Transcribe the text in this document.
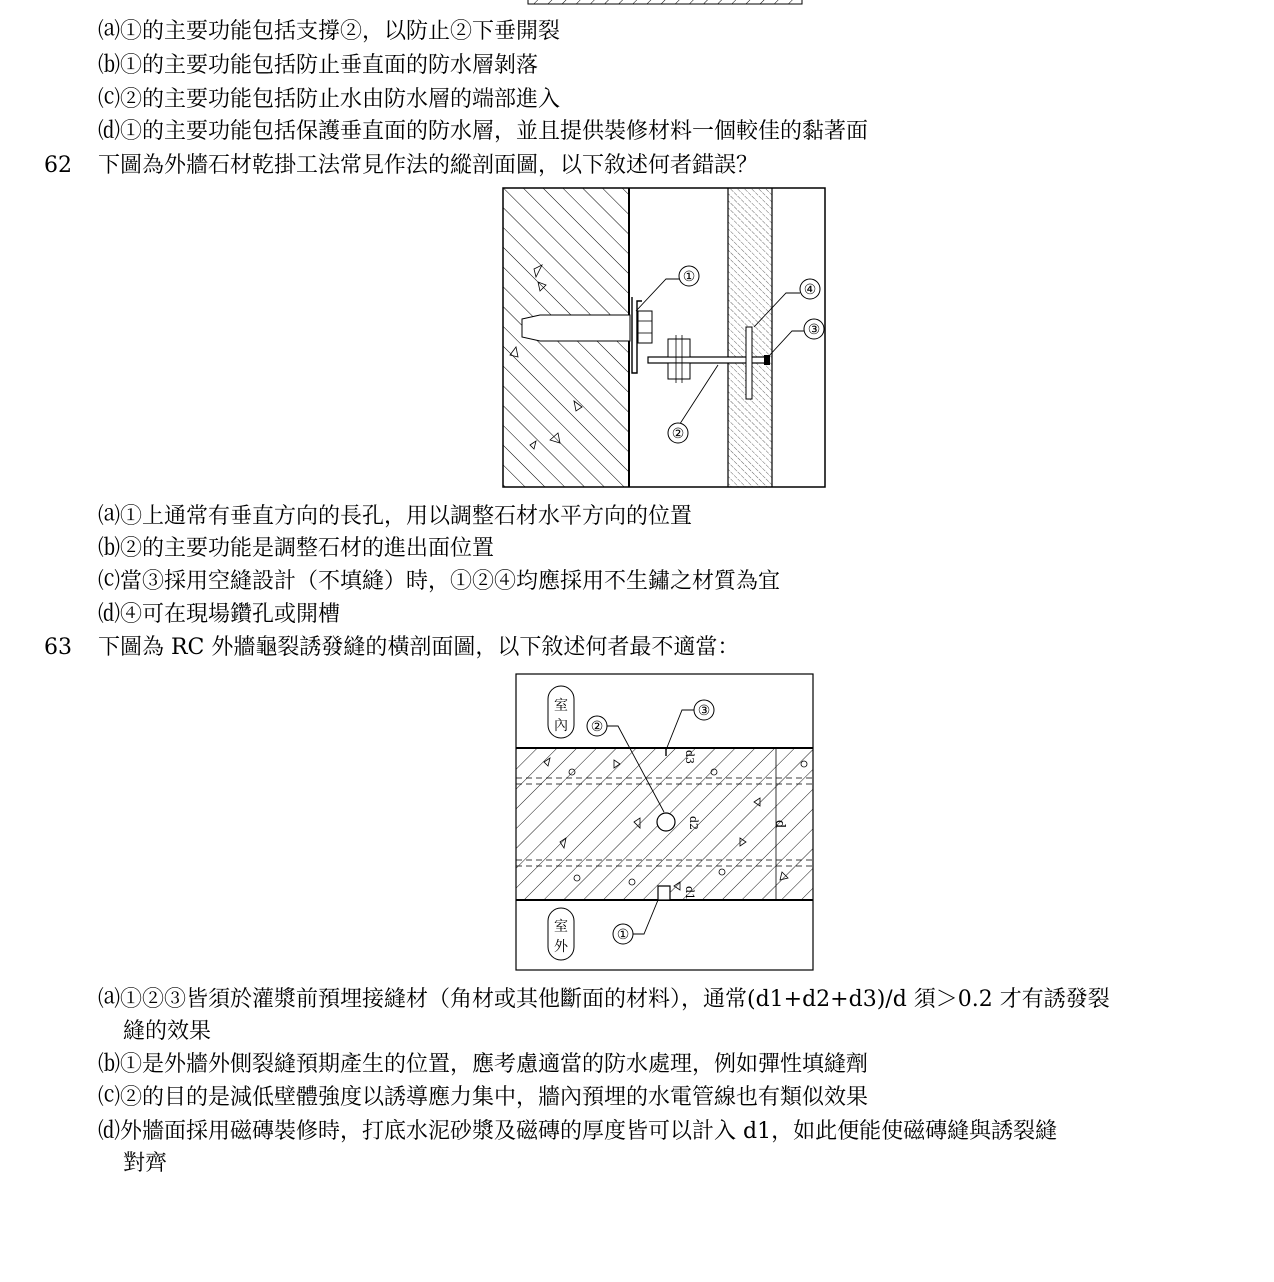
⒜①的主要功能包括支撐②，以防止②下垂開裂
⒝①的主要功能包括防止垂直面的防水層剝落
⒞②的主要功能包括防止水由防水層的端部進入
⒟①的主要功能包括保護垂直面的防水層，並且提供裝修材料一個較佳的黏著面
62 下圖為外牆石材乾掛工法常見作法的縱剖面圖，以下敘述何者錯誤？
①
②
③
④
⒜①上通常有垂直方向的長孔，用以調整石材水平方向的位置
⒝②的主要功能是調整石材的進出面位置
⒞當③採用空縫設計（不填縫）時，①②④均應採用不生鏽之材質為宜
⒟④可在現場鑽孔或開槽
63 下圖為 RC 外牆龜裂誘發縫的橫剖面圖，以下敘述何者最不適當：
d
d3
d2
d1
室
內
室
外
①
②
③
⒜①②③皆須於灌漿前預埋接縫材（角材或其他斷面的材料），通常(d1+d2+d3)/d 須＞0.2 才有誘發裂
縫的效果
⒝①是外牆外側裂縫預期產生的位置，應考慮適當的防水處理，例如彈性填縫劑
⒞②的目的是減低壁體強度以誘導應力集中，牆內預埋的水電管線也有類似效果
⒟外牆面採用磁磚裝修時，打底水泥砂漿及磁磚的厚度皆可以計入 d1，如此便能使磁磚縫與誘裂縫
對齊
